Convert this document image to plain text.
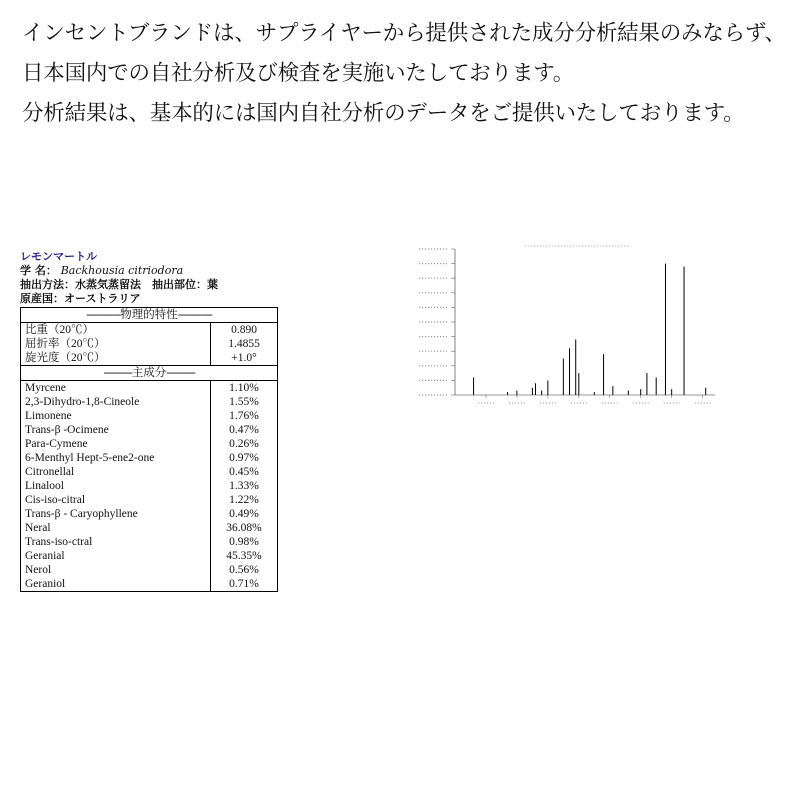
インセントブランドは、サプライヤーから提供された成分分析結果のみならず、日本国内での自社分析及び検査を実施いたしております。

分析結果は、基本的には国内自社分析のデータをご提供いたしております。

レモンマートル
学 名： Backhousia citriodora
抽出方法：水蒸気蒸留法　抽出部位：葉
原産国：オーストラリア
------------物理的特性------------	
比重（20℃）	0.890
屈折率（20℃）	1.4855
旋光度（20℃）	+1.0°
----------主成分----------	
Myrcene	1.10%
2,3-Dihydro-1,8-Cineole	1.55%
Limonene	1.76%
Trans-β -Ocimene	0.47%
Para-Cymene	0.26%
6-Menthyl Hept-5-ene2-one	0.97%
Citronellal	0.45%
Linalool	1.33%
Cis-iso-citral	1.22%
Trans-β - Caryophyllene	0.49%
Neral	36.08%
Trans-iso-ctral	0.98%
Geranial	45.35%
Nerol	0.56%
Geraniol	0.71%
